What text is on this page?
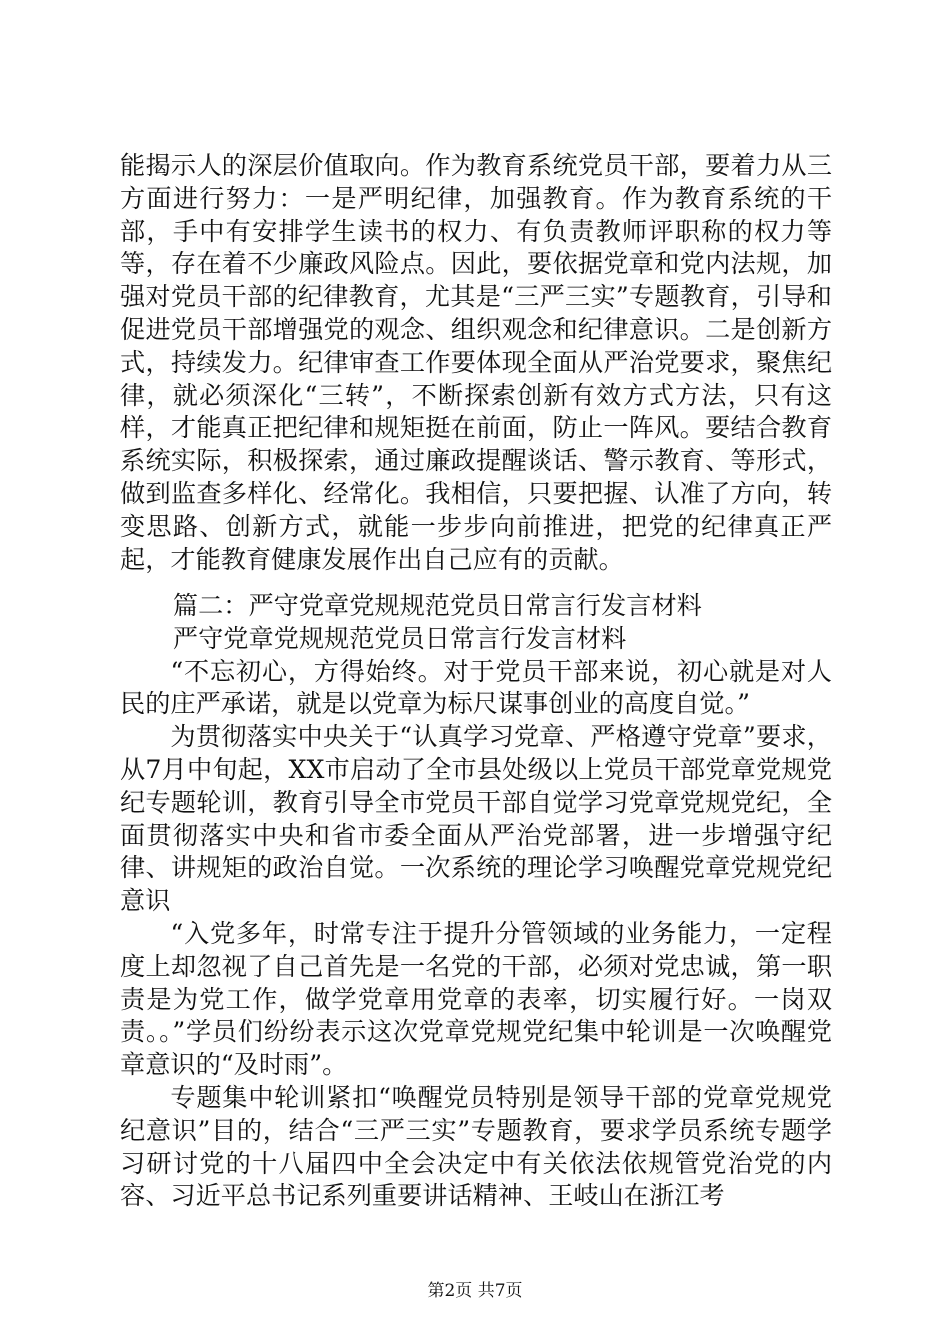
能揭示人的深层价值取向。作为教育系统党员干部，要着力从三方面进行努力：一是严明纪律，加强教育。作为教育系统的干部，手中有安排学生读书的权力、有负责教师评职称的权力等等，存在着不少廉政风险点。因此，要依据党章和党内法规，加强对党员干部的纪律教育，尤其是“三严三实”专题教育，引导和促进党员干部增强党的观念、组织观念和纪律意识。二是创新方式，持续发力。纪律审查工作要体现全面从严治党要求，聚焦纪律，就必须深化“三转”，不断探索创新有效方式方法，只有这样，才能真正把纪律和规矩挺在前面，防止一阵风。要结合教育系统实际，积极探索，通过廉政提醒谈话、警示教育、等形式，做到监查多样化、经常化。我相信，只要把握、认准了方向，转变思路、创新方式，就能一步步向前推进，把党的纪律真正严起，才能教育健康发展作出自己应有的贡献。

篇二：严守党章党规规范党员日常言行发言材料

严守党章党规规范党员日常言行发言材料

“不忘初心，方得始终。对于党员干部来说，初心就是对人民的庄严承诺，就是以党章为标尺谋事创业的高度自觉。”

为贯彻落实中央关于“认真学习党章、严格遵守党章”要求，从7月中旬起，XX市启动了全市县处级以上党员干部党章党规党纪专题轮训，教育引导全市党员干部自觉学习党章党规党纪，全面贯彻落实中央和省市委全面从严治党部署，进一步增强守纪律、讲规矩的政治自觉。一次系统的理论学习唤醒党章党规党纪意识

“入党多年，时常专注于提升分管领域的业务能力，一定程度上却忽视了自己首先是一名党的干部，必须对党忠诚，第一职责是为党工作，做学党章用党章的表率，切实履行好。一岗双责。。”学员们纷纷表示这次党章党规党纪集中轮训是一次唤醒党章意识的“及时雨”。

专题集中轮训紧扣“唤醒党员特别是领导干部的党章党规党纪意识”目的，结合“三严三实”专题教育，要求学员系统专题学习研讨党的十八届四中全会决定中有关依法依规管党治党的内容、习近平总书记系列重要讲话精神、王岐山在浙江考

第2页 共7页
